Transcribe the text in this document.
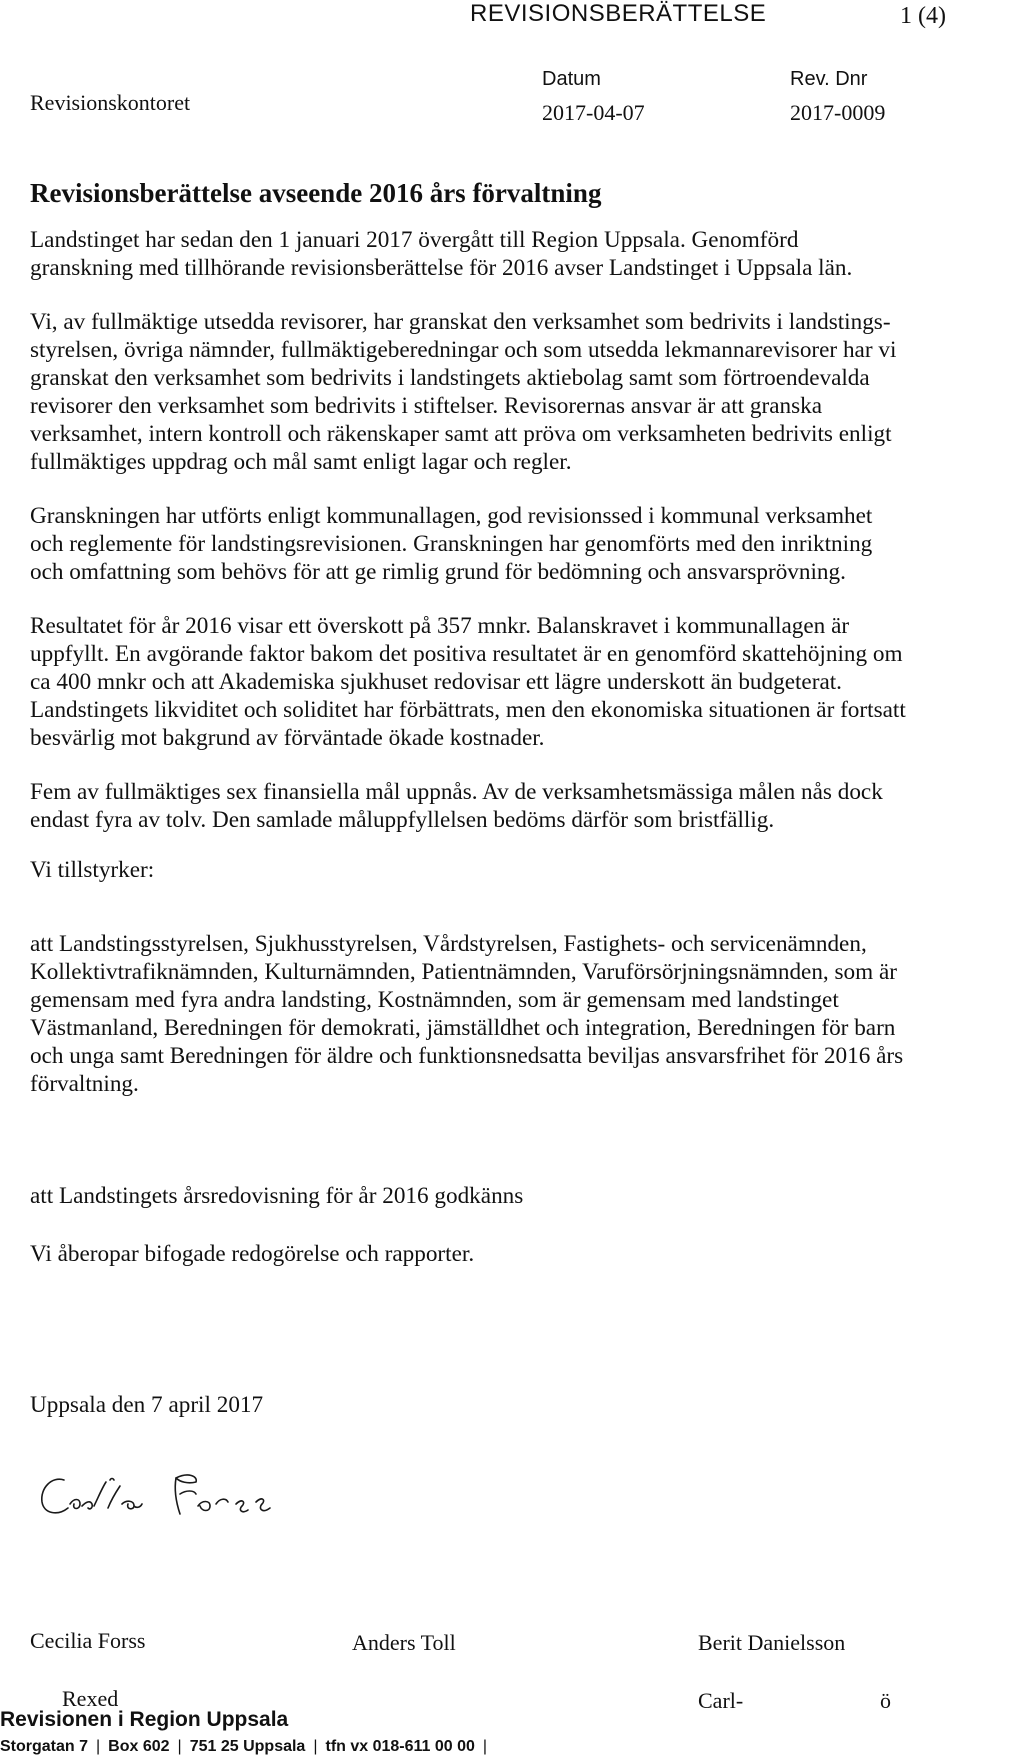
REVISIONSBERÄTTELSE	1 (4)
Revisionskontoret
Datum
2017-04-07
Rev. Dnr
2017-0009
Revisionsberättelse avseende 2016 års förvaltning

Landstinget har sedan den 1 januari 2017 övergått till Region Uppsala. Genomförd
granskning med tillhörande revisionsberättelse för 2016 avser Landstinget i Uppsala län.

Vi, av fullmäktige utsedda revisorer, har granskat den verksamhet som bedrivits i landstings-
styrelsen, övriga nämnder, fullmäktigeberedningar och som utsedda lekmannarevisorer har vi
granskat den verksamhet som bedrivits i landstingets aktiebolag samt som förtroendevalda
revisorer den verksamhet som bedrivits i stiftelser. Revisorernas ansvar är att granska
verksamhet, intern kontroll och räkenskaper samt att pröva om verksamheten bedrivits enligt
fullmäktiges uppdrag och mål samt enligt lagar och regler.

Granskningen har utförts enligt kommunallagen, god revisionssed i kommunal verksamhet
och reglemente för landstingsrevisionen. Granskningen har genomförts med den inriktning
och omfattning som behövs för att ge rimlig grund för bedömning och ansvarsprövning.

Resultatet för år 2016 visar ett överskott på 357 mnkr. Balanskravet i kommunallagen är
uppfyllt. En avgörande faktor bakom det positiva resultatet är en genomförd skattehöjning om
ca 400 mnkr och att Akademiska sjukhuset redovisar ett lägre underskott än budgeterat.
Landstingets likviditet och soliditet har förbättrats, men den ekonomiska situationen är fortsatt
besvärlig mot bakgrund av förväntade ökade kostnader.

Fem av fullmäktiges sex finansiella mål uppnås. Av de verksamhetsmässiga målen nås dock
endast fyra av tolv. Den samlade måluppfyllelsen bedöms därför som bristfällig.

Vi tillstyrker:

att Landstingsstyrelsen, Sjukhusstyrelsen, Vårdstyrelsen, Fastighets- och servicenämnden,
Kollektivtrafiknämnden, Kulturnämnden, Patientnämnden, Varuförsörjningsnämnden, som är
gemensam med fyra andra landsting, Kostnämnden, som är gemensam med landstinget
Västmanland, Beredningen för demokrati, jämställdhet och integration, Beredningen för barn
och unga samt Beredningen för äldre och funktionsnedsatta beviljas ansvarsfrihet för 2016 års
förvaltning.

att Landstingets årsredovisning för år 2016 godkänns

Vi åberopar bifogade redogörelse och rapporter.

Uppsala den 7 april 2017
Cecilia Forss	Anders Toll	Berit Danielsson
Rexed	Carl-	ö
Revisionen i Region Uppsala
Storgatan 7 | Box 602 | 751 25 Uppsala | tfn vx 018-611 00 00 |
